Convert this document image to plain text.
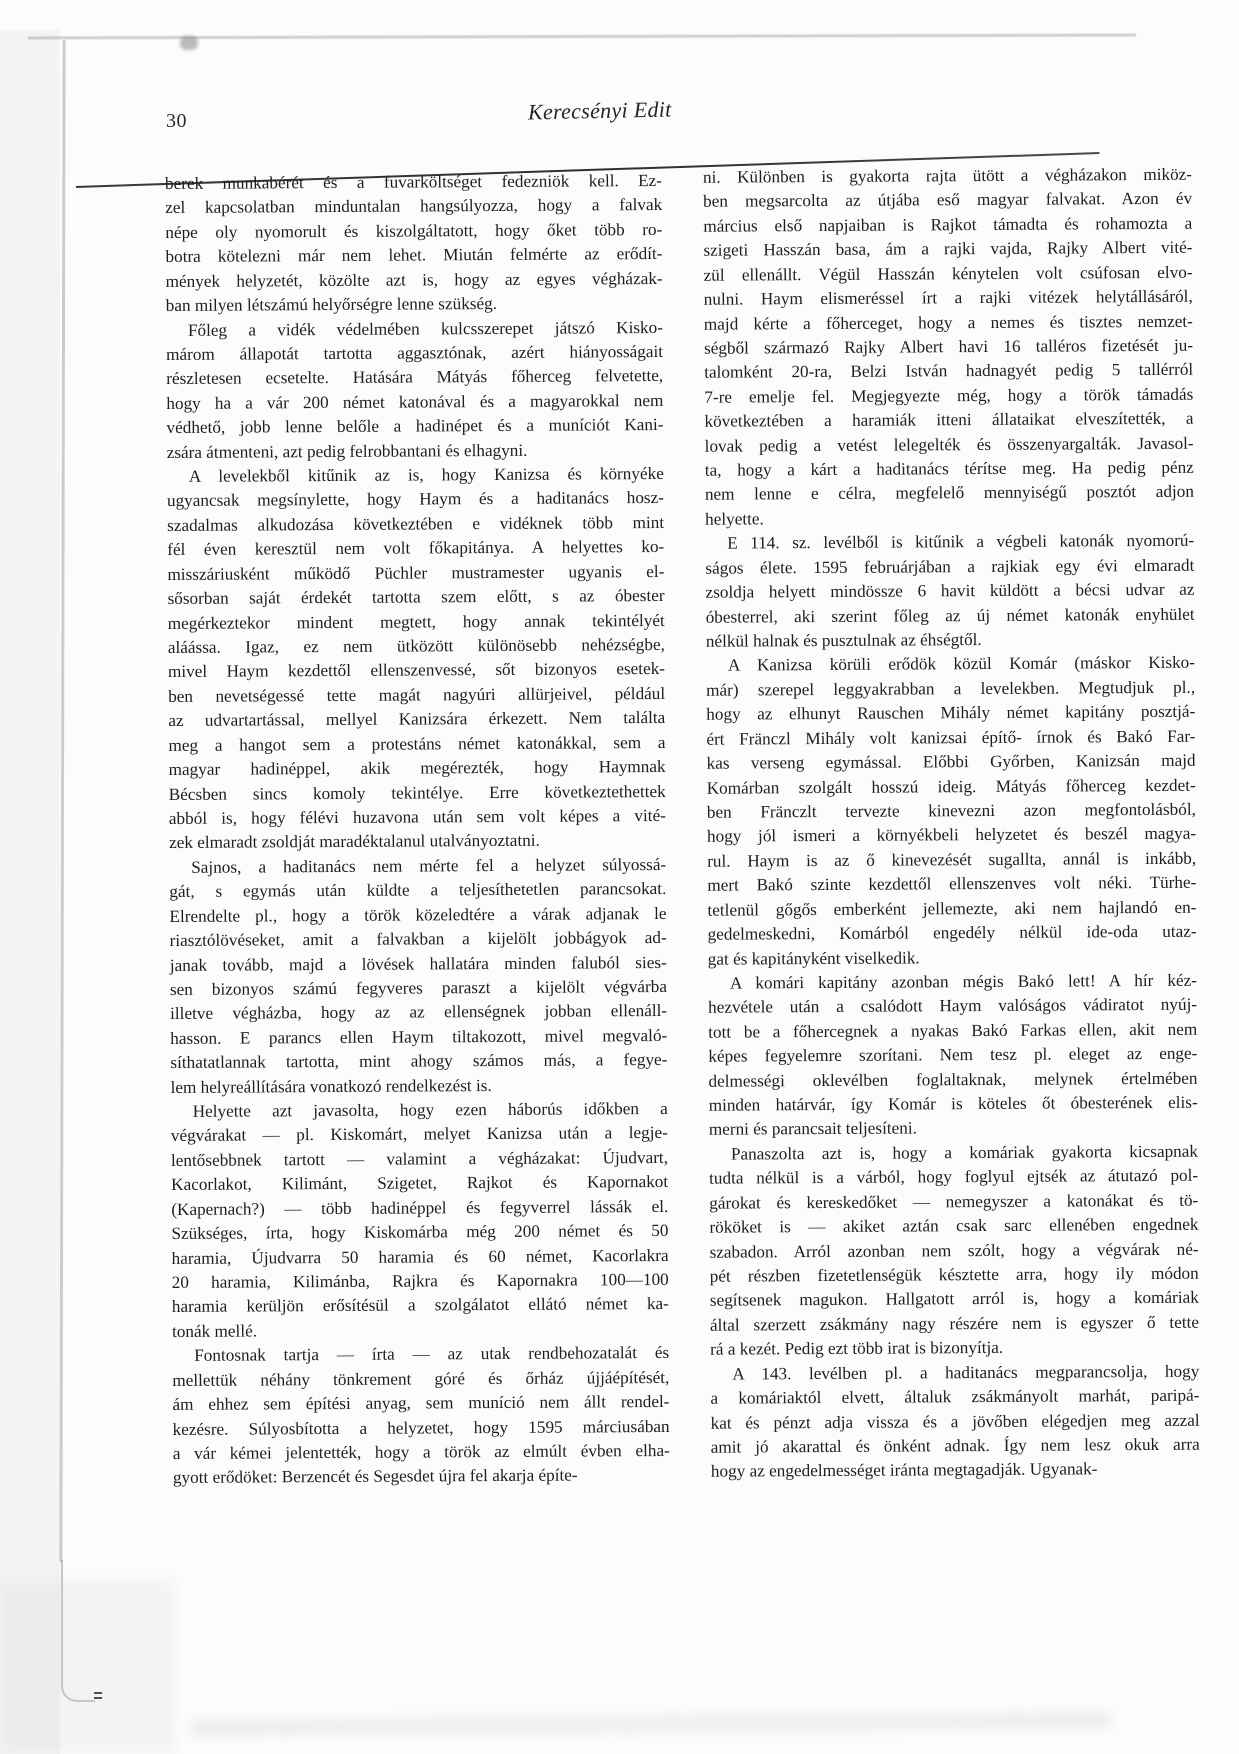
30	Kerecsényi Edit
berek munkabérét és a fuvarköltséget fedezniök kell. Ez-
zel kapcsolatban minduntalan hangsúlyozza, hogy a falvak
népe oly nyomorult és kiszolgáltatott, hogy őket több ro-
botra kötelezni már nem lehet. Miután felmérte az erődít-
mények helyzetét, közölte azt is, hogy az egyes végházak-
ban milyen létszámú helyőrségre lenne szükség.
Főleg a vidék védelmében kulcsszerepet játszó Kisko-
márom állapotát tartotta aggasztónak, azért hiányosságait
részletesen ecsetelte. Hatására Mátyás főherceg felvetette,
hogy ha a vár 200 német katonával és a magyarokkal nem
védhető, jobb lenne belőle a hadinépet és a muníciót Kani-
zsára átmenteni, azt pedig felrobbantani és elhagyni.
A levelekből kitűnik az is, hogy Kanizsa és környéke
ugyancsak megsínylette, hogy Haym és a haditanács hosz-
szadalmas alkudozása következtében e vidéknek több mint
fél éven keresztül nem volt főkapitánya. A helyettes ko-
misszáriusként működő Püchler mustramester ugyanis el-
sősorban saját érdekét tartotta szem előtt, s az óbester
megérkeztekor mindent megtett, hogy annak tekintélyét
aláássa. Igaz, ez nem ütközött különösebb nehézségbe,
mivel Haym kezdettől ellenszenvessé, sőt bizonyos esetek-
ben nevetségessé tette magát nagyúri allürjeivel, például
az udvartartással, mellyel Kanizsára érkezett. Nem találta
meg a hangot sem a protestáns német katonákkal, sem a
magyar hadinéppel, akik megérezték, hogy Haymnak
Bécsben sincs komoly tekintélye. Erre következtethettek
abból is, hogy félévi huzavona után sem volt képes a vité-
zek elmaradt zsoldját maradéktalanul utalványoztatni.
Sajnos, a haditanács nem mérte fel a helyzet súlyossá-
gát, s egymás után küldte a teljesíthetetlen parancsokat.
Elrendelte pl., hogy a török közeledtére a várak adjanak le
riasztólövéseket, amit a falvakban a kijelölt jobbágyok ad-
janak tovább, majd a lövések hallatára minden faluból sies-
sen bizonyos számú fegyveres paraszt a kijelölt végvárba
illetve végházba, hogy az az ellenségnek jobban ellenáll-
hasson. E parancs ellen Haym tiltakozott, mivel megvaló-
síthatatlannak tartotta, mint ahogy számos más, a fegye-
lem helyreállítására vonatkozó rendelkezést is.
Helyette azt javasolta, hogy ezen háborús időkben a
végvárakat — pl. Kiskomárt, melyet Kanizsa után a legje-
lentősebbnek tartott — valamint a végházakat: Újudvart,
Kacorlakot, Kilimánt, Szigetet, Rajkot és Kapornakot
(Kapernach?) — több hadinéppel és fegyverrel lássák el.
Szükséges, írta, hogy Kiskomárba még 200 német és 50
haramia, Újudvarra 50 haramia és 60 német, Kacorlakra
20 haramia, Kilimánba, Rajkra és Kapornakra 100—100
haramia kerüljön erősítésül a szolgálatot ellátó német ka-
tonák mellé.
Fontosnak tartja — írta — az utak rendbehozatalát és
mellettük néhány tönkrement góré és őrház újjáépítését,
ám ehhez sem építési anyag, sem muníció nem állt rendel-
kezésre. Súlyosbította a helyzetet, hogy 1595 márciusában
a vár kémei jelentették, hogy a török az elmúlt évben elha-
gyott erődöket: Berzencét és Segesdet újra fel akarja építe-
ni. Különben is gyakorta rajta ütött a végházakon miköz-
ben megsarcolta az útjába eső magyar falvakat. Azon év
március első napjaiban is Rajkot támadta és rohamozta a
szigeti Hasszán basa, ám a rajki vajda, Rajky Albert vité-
zül ellenállt. Végül Hasszán kénytelen volt csúfosan elvo-
nulni. Haym elismeréssel írt a rajki vitézek helytállásáról,
majd kérte a főherceget, hogy a nemes és tisztes nemzet-
ségből származó Rajky Albert havi 16 talléros fizetését ju-
talomként 20-ra, Belzi István hadnagyét pedig 5 tallérról
7-re emelje fel. Megjegyezte még, hogy a török támadás
következtében a haramiák itteni állataikat elveszítették, a
lovak pedig a vetést lelegelték és összenyargalták. Javasol-
ta, hogy a kárt a haditanács térítse meg. Ha pedig pénz
nem lenne e célra, megfelelő mennyiségű posztót adjon
helyette.
E 114. sz. levélből is kitűnik a végbeli katonák nyomorú-
ságos élete. 1595 februárjában a rajkiak egy évi elmaradt
zsoldja helyett mindössze 6 havit küldött a bécsi udvar az
óbesterrel, aki szerint főleg az új német katonák enyhület
nélkül halnak és pusztulnak az éhségtől.
A Kanizsa körüli erődök közül Komár (máskor Kisko-
már) szerepel leggyakrabban a levelekben. Megtudjuk pl.,
hogy az elhunyt Rauschen Mihály német kapitány posztjá-
ért Fränczl Mihály volt kanizsai építő- írnok és Bakó Far-
kas verseng egymással. Előbbi Győrben, Kanizsán majd
Komárban szolgált hosszú ideig. Mátyás főherceg kezdet-
ben Fränczlt tervezte kinevezni azon megfontolásból,
hogy jól ismeri a környékbeli helyzetet és beszél magya-
rul. Haym is az ő kinevezését sugallta, annál is inkább,
mert Bakó szinte kezdettől ellenszenves volt néki. Türhe-
tetlenül gőgős emberként jellemezte, aki nem hajlandó en-
gedelmeskedni, Komárból engedély nélkül ide-oda utaz-
gat és kapitányként viselkedik.
A komári kapitány azonban mégis Bakó lett! A hír kéz-
hezvétele után a csalódott Haym valóságos vádiratot nyúj-
tott be a főhercegnek a nyakas Bakó Farkas ellen, akit nem
képes fegyelemre szorítani. Nem tesz pl. eleget az enge-
delmességi oklevélben foglaltaknak, melynek értelmében
minden határvár, így Komár is köteles őt óbesterének elis-
merni és parancsait teljesíteni.
Panaszolta azt is, hogy a komáriak gyakorta kicsapnak
tudta nélkül is a várból, hogy foglyul ejtsék az átutazó pol-
gárokat és kereskedőket — nemegyszer a katonákat és tö-
rököket is — akiket aztán csak sarc ellenében engednek
szabadon. Arról azonban nem szólt, hogy a végvárak né-
pét részben fizetetlenségük késztette arra, hogy ily módon
segítsenek magukon. Hallgatott arról is, hogy a komáriak
által szerzett zsákmány nagy részére nem is egyszer ő tette
rá a kezét. Pedig ezt több irat is bizonyítja.
A 143. levélben pl. a haditanács megparancsolja, hogy
a komáriaktól elvett, általuk zsákmányolt marhát, paripá-
kat és pénzt adja vissza és a jövőben elégedjen meg azzal
amit jó akarattal és önként adnak. Így nem lesz okuk arra
hogy az engedelmességet iránta megtagadják. Ugyanak-
